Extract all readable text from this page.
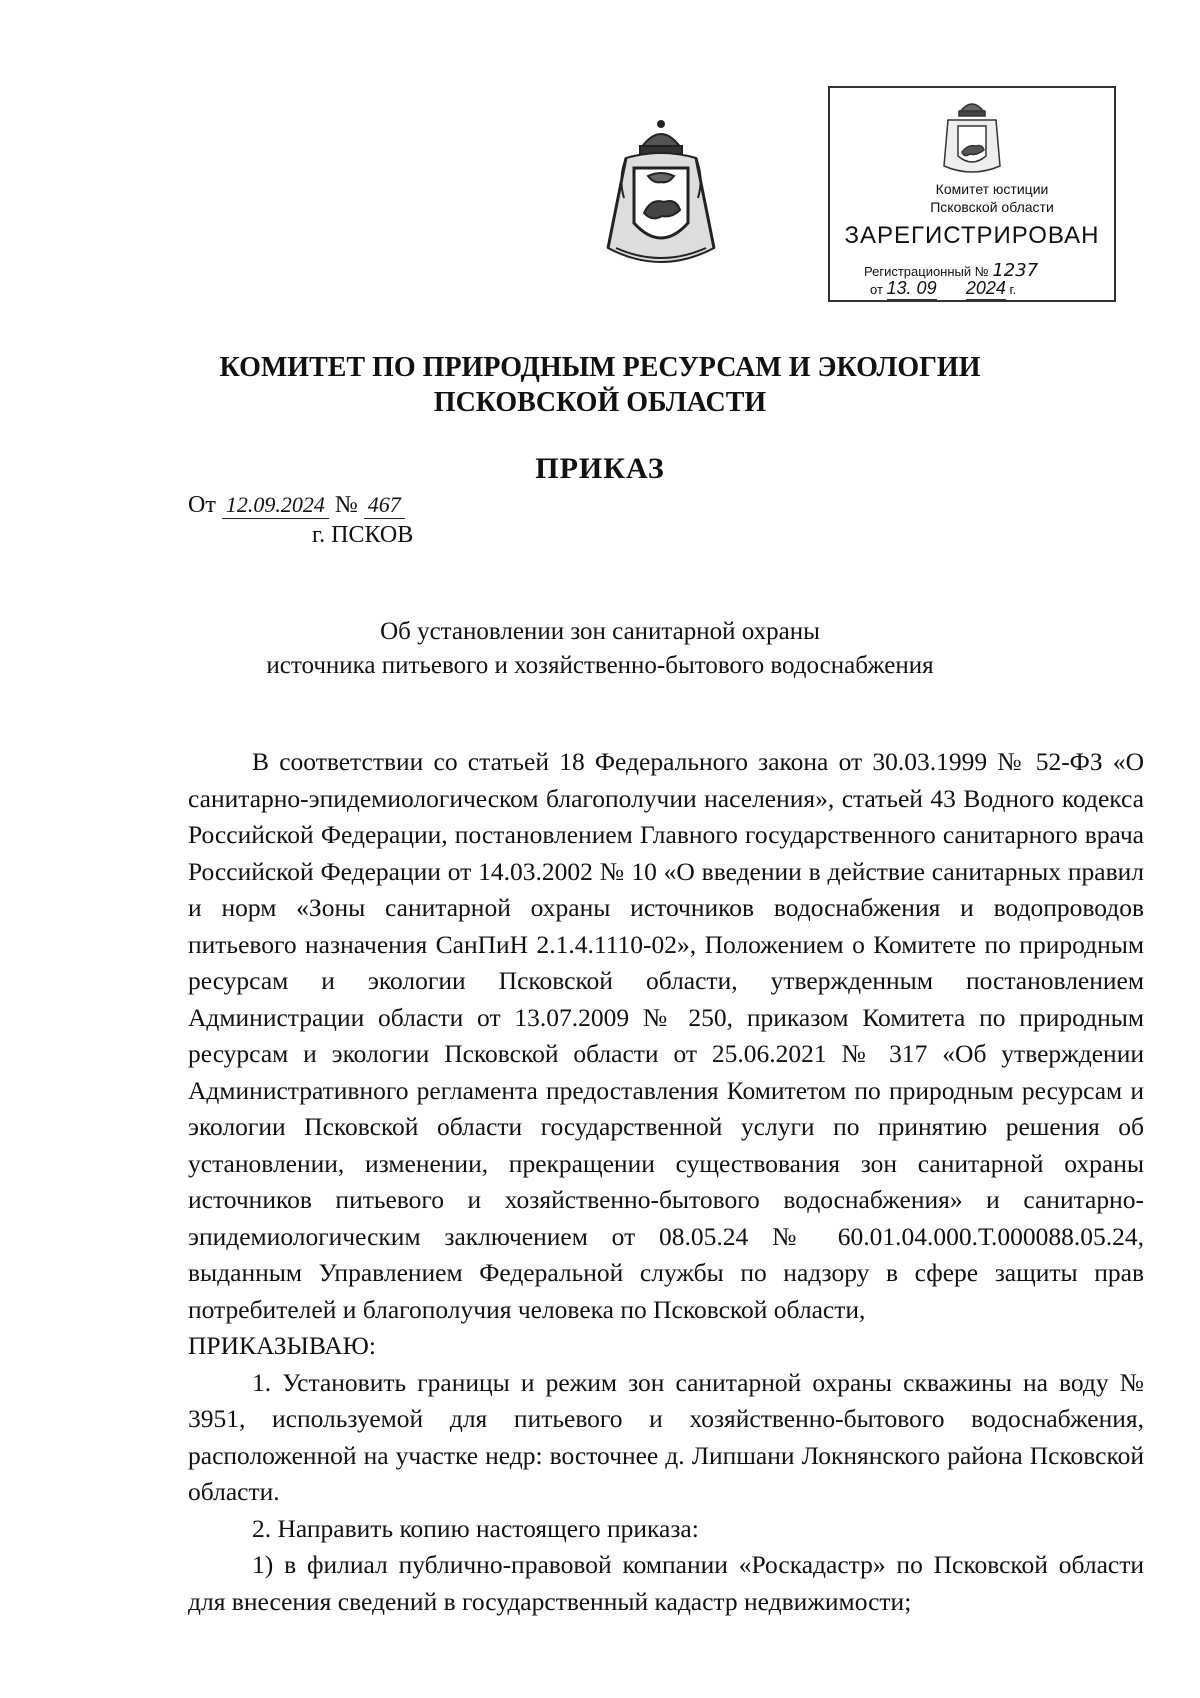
Комитет юстиции
Псковской области
ЗАРЕГИСТРИРОВАН
Регистрационный № 1237
от 13. 09 2024 г.
КОМИТЕТ ПО ПРИРОДНЫМ РЕСУРСАМ И ЭКОЛОГИИ
ПСКОВСКОЙ ОБЛАСТИ
ПРИКАЗ
От 12.09.2024 № 467
г. ПСКОВ
Об установлении зон санитарной охраны
источника питьевого и хозяйственно-бытового водоснабжения

В соответствии со статьей 18 Федерального закона от 30.03.1999 № 52-ФЗ «О санитарно-эпидемиологическом благополучии населения», статьей 43 Водного кодекса Российской Федерации, постановлением Главного государственного санитарного врача Российской Федерации от 14.03.2002 № 10 «О введении в действие санитарных правил и норм «Зоны санитарной охраны источников водоснабжения и водопроводов питьевого назначения СанПиН 2.1.4.1110-02», Положением о Комитете по природным ресурсам и экологии Псковской области, утвержденным постановлением Администрации области от 13.07.2009 № 250, приказом Комитета по природным ресурсам и экологии Псковской области от 25.06.2021 № 317 «Об утверждении Административного регламента предоставления Комитетом по природным ресурсам и экологии Псковской области государственной услуги по принятию решения об установлении, изменении, прекращении существования зон санитарной охраны источников питьевого и хозяйственно-бытового водоснабжения» и санитарно-эпидемиологическим заключением от 08.05.24 № 60.01.04.000.Т.000088.05.24, выданным Управлением Федеральной службы по надзору в сфере защиты прав потребителей и благополучия человека по Псковской области,

ПРИКАЗЫВАЮ:

1. Установить границы и режим зон санитарной охраны скважины на воду № 3951, используемой для питьевого и хозяйственно-бытового водоснабжения, расположенной на участке недр: восточнее д. Липшани Локнянского района Псковской области.

2. Направить копию настоящего приказа:

1) в филиал публично-правовой компании «Роскадастр» по Псковской области для внесения сведений в государственный кадастр недвижимости;
